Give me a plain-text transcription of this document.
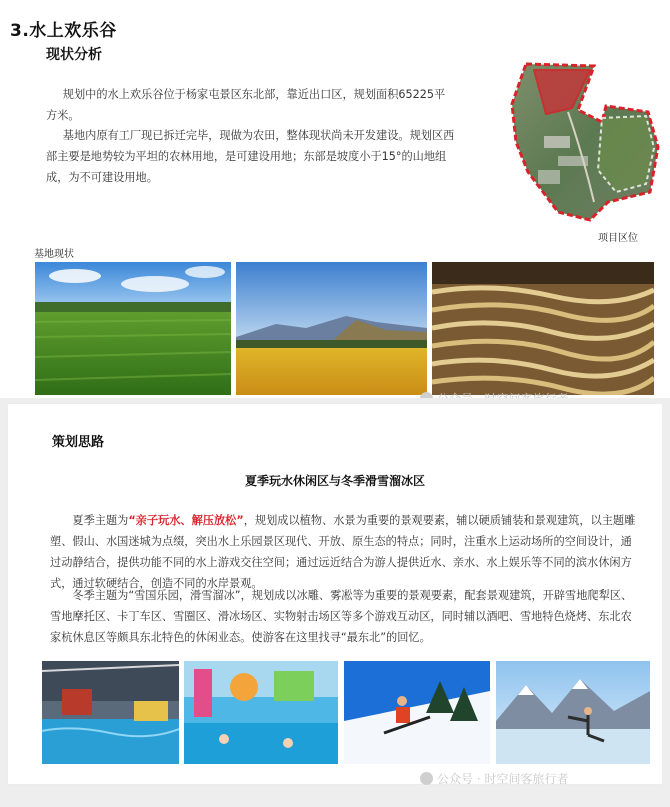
3.水上欢乐谷
现状分析
  规划中的水上欢乐谷位于杨家屯景区东北部，靠近出口区，规划面积65225平方米。
  基地内原有工厂现已拆迁完毕，现做为农田，整体现状尚未开发建设。规划区西部主要是地势较为平坦的农林用地，是可建设用地；东部是坡度小于15°的山地组成，为不可建设用地。
项目区位
基地现状
策划思路
夏季玩水休闲区与冬季滑雪溜冰区
  夏季主题为“亲子玩水、解压放松”，规划成以植物、水景为重要的景观要素，辅以硬质铺装和景观建筑，以主题雕塑、假山、水国迷城为点缀，突出水上乐园景区现代、开放、原生态的特点；同时，注重水上运动场所的空间设计，通过动静结合，提供功能不同的水上游戏交往空间；通过远近结合为游人提供近水、亲水、水上娱乐等不同的滨水休闲方式，通过软硬结合，创造不同的水岸景观。
  冬季主题为“雪国乐园，滑雪溜冰”，规划成以冰雕、雾凇等为重要的景观要素，配套景观建筑，开辟雪地爬犁区、雪地摩托区、卡丁车区、雪圈区、滑冰场区、实物射击场区等多个游戏互动区，同时辅以酒吧、雪地特色烧烤、东北农家杭休息区等颇具东北特色的休闲业态。使游客在这里找寻“最东北”的回忆。
公众号 · 时空间客旅行者
